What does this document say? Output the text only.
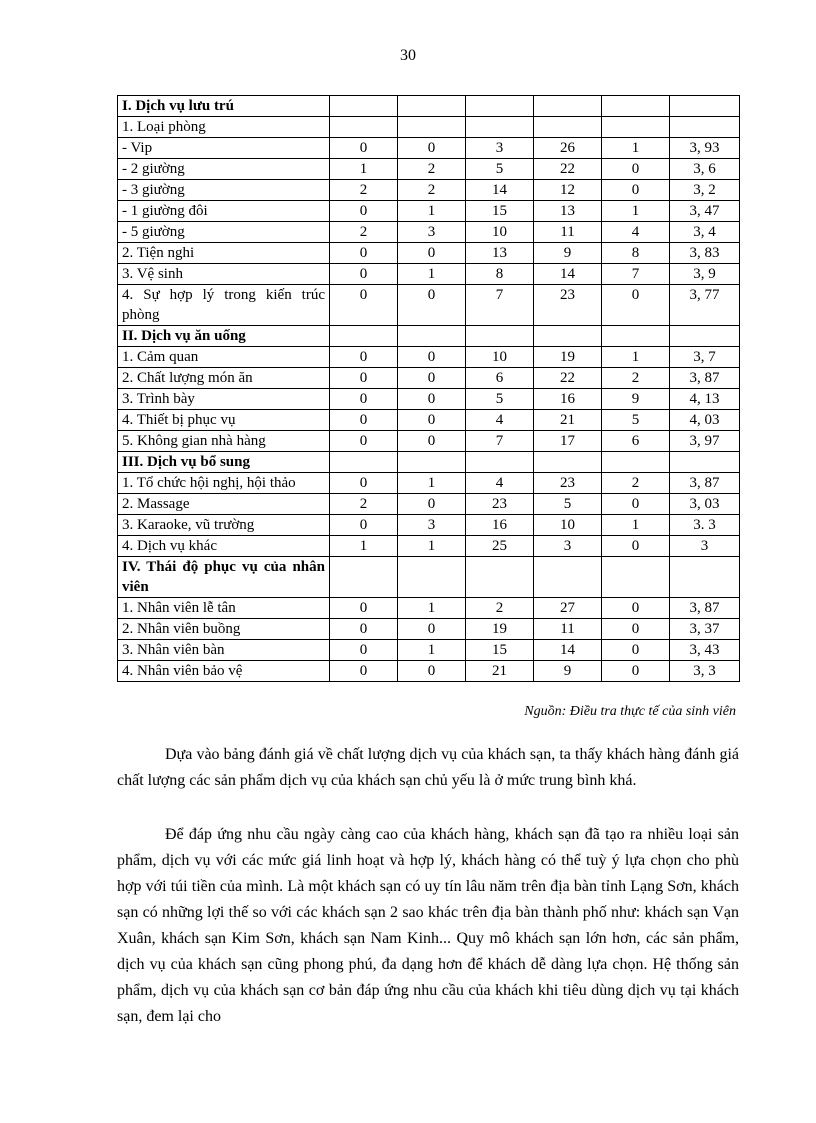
30
I. Dịch vụ lưu trú						
1. Loại phòng						
- Vip	0	0	3	26	1	3, 93
- 2 giường	1	2	5	22	0	3, 6
- 3 giường	2	2	14	12	0	3, 2
- 1 giường đôi	0	1	15	13	1	3, 47
- 5 giường	2	3	10	11	4	3, 4
2. Tiện nghi	0	0	13	9	8	3, 83
3. Vệ sinh	0	1	8	14	7	3, 9
4. Sự hợp lý trong kiến trúc phòng	0	0	7	23	0	3, 77
II. Dịch vụ ăn uống						
1. Cảm quan	0	0	10	19	1	3, 7
2. Chất lượng món ăn	0	0	6	22	2	3, 87
3. Trình bày	0	0	5	16	9	4, 13
4. Thiết bị phục vụ	0	0	4	21	5	4, 03
5. Không gian nhà hàng	0	0	7	17	6	3, 97
III. Dịch vụ bổ sung						
1. Tổ chức hội nghị, hội thảo	0	1	4	23	2	3, 87
2. Massage	2	0	23	5	0	3, 03
3. Karaoke, vũ trường	0	3	16	10	1	3. 3
4. Dịch vụ khác	1	1	25	3	0	3
IV. Thái độ phục vụ của nhân viên						
1. Nhân viên lễ tân	0	1	2	27	0	3, 87
2. Nhân viên buồng	0	0	19	11	0	3, 37
3. Nhân viên bàn	0	1	15	14	0	3, 43
4. Nhân viên bảo vệ	0	0	21	9	0	3, 3
Nguồn: Điều tra thực tế của sinh viên

Dựa vào bảng đánh giá về chất lượng dịch vụ của khách sạn, ta thấy khách hàng đánh giá chất lượng các sản phẩm dịch vụ của khách sạn chủ yếu là ở mức trung bình khá.

Để đáp ứng nhu cầu ngày càng cao của khách hàng, khách sạn đã tạo ra nhiều loại sản phẩm, dịch vụ với các mức giá linh hoạt và hợp lý, khách hàng có thể tuỳ ý lựa chọn cho phù hợp với túi tiền của mình. Là một khách sạn có uy tín lâu năm trên địa bàn tỉnh Lạng Sơn, khách sạn có những lợi thế so với các khách sạn 2 sao khác trên địa bàn thành phố như: khách sạn Vạn Xuân, khách sạn Kim Sơn, khách sạn Nam Kinh... Quy mô khách sạn lớn hơn, các sản phẩm, dịch vụ của khách sạn cũng phong phú, đa dạng hơn để khách dễ dàng lựa chọn. Hệ thống sản phẩm, dịch vụ của khách sạn cơ bản đáp ứng nhu cầu của khách khi tiêu dùng dịch vụ tại khách sạn, đem lại cho
